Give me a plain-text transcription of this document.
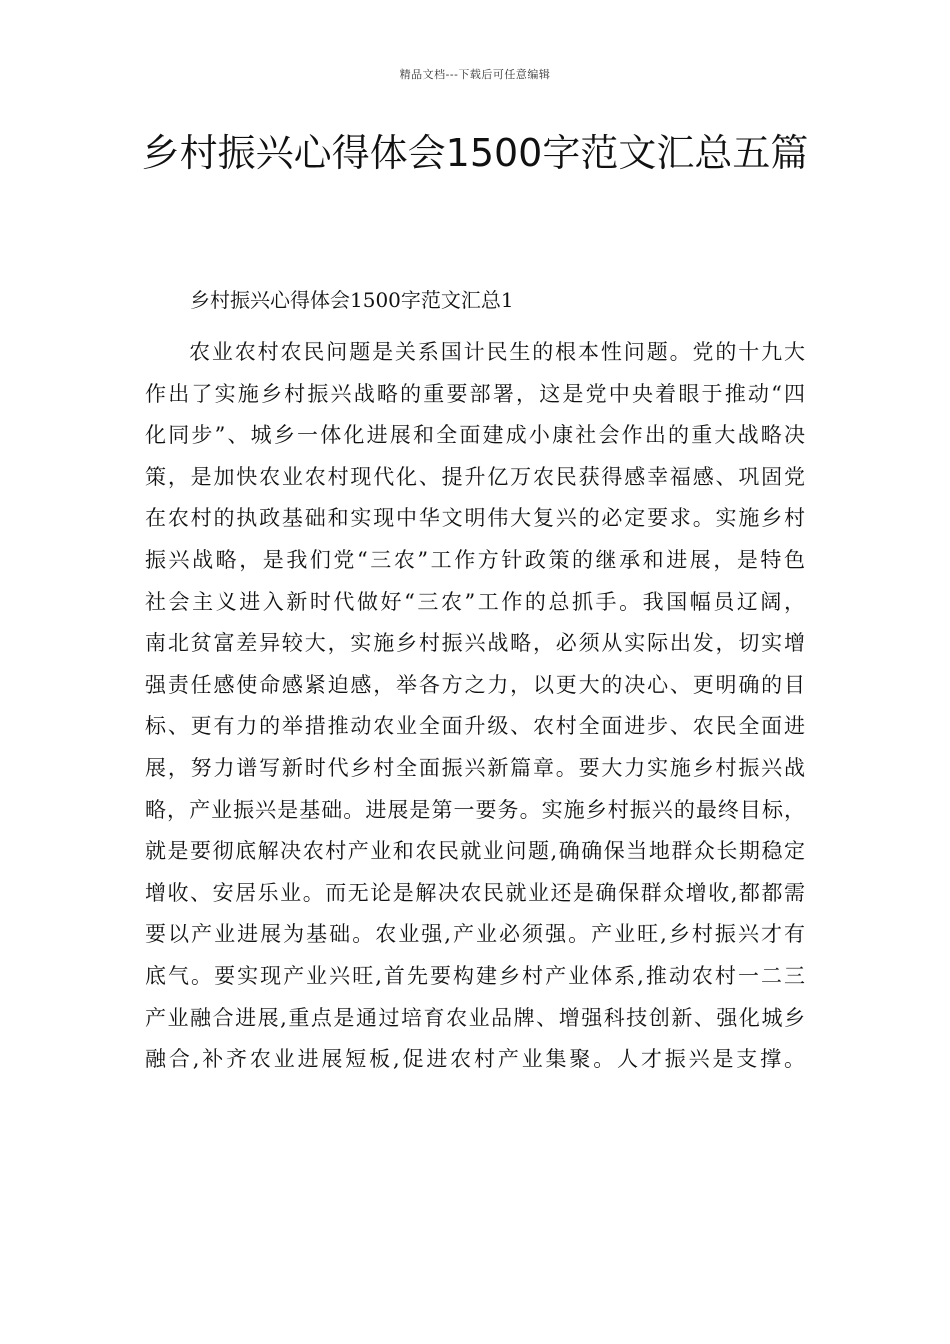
精品文档---下载后可任意编辑
乡村振兴心得体会1500字范文汇总五篇
乡村振兴心得体会1500字范文汇总1
农业农村农民问题是关系国计民生的根本性问题。党的十九大
作出了实施乡村振兴战略的重要部署，这是党中央着眼于推动“四
化同步”、城乡一体化进展和全面建成小康社会作出的重大战略决
策，是加快农业农村现代化、提升亿万农民获得感幸福感、巩固党
在农村的执政基础和实现中华文明伟大复兴的必定要求。实施乡村
振兴战略，是我们党“三农”工作方针政策的继承和进展，是特色
社会主义进入新时代做好“三农”工作的总抓手。我国幅员辽阔，
南北贫富差异较大，实施乡村振兴战略，必须从实际出发，切实增
强责任感使命感紧迫感，举各方之力，以更大的决心、更明确的目
标、更有力的举措推动农业全面升级、农村全面进步、农民全面进
展，努力谱写新时代乡村全面振兴新篇章。要大力实施乡村振兴战
略，产业振兴是基础。进展是第一要务。实施乡村振兴的最终目标，
就是要彻底解决农村产业和农民就业问题,确确保当地群众长期稳定
增收、安居乐业。而无论是解决农民就业还是确保群众增收,都都需
要以产业进展为基础。农业强,产业必须强。产业旺,乡村振兴才有
底气。要实现产业兴旺,首先要构建乡村产业体系,推动农村一二三
产业融合进展,重点是通过培育农业品牌、增强科技创新、强化城乡
融合,补齐农业进展短板,促进农村产业集聚。人才振兴是支撑。
